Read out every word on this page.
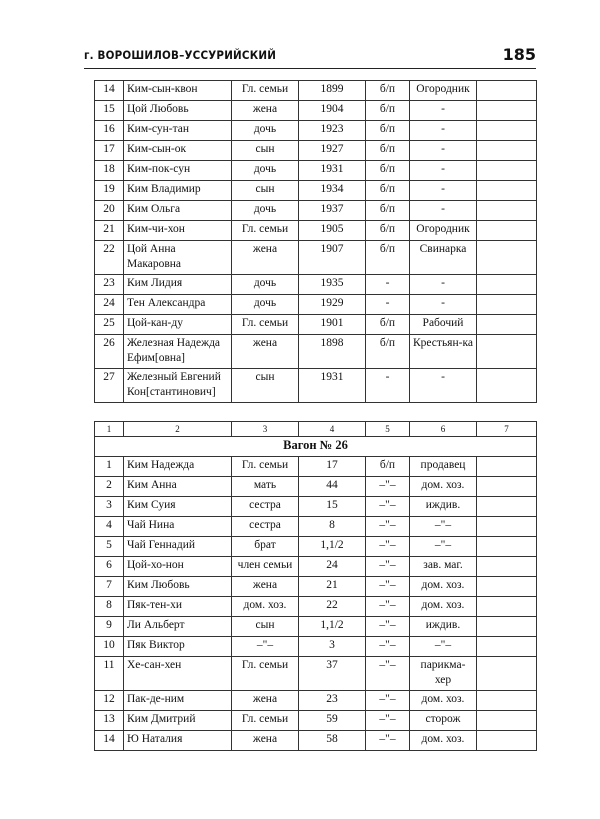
г. ВОРОШИЛОВ–УССУРИЙСКИЙ	185
14	Ким-сын-квон	Гл. семьи	1899	б/п	Огородник	
15	Цой Любовь	жена	1904	б/п	-	
16	Ким-сун-тан	дочь	1923	б/п	-	
17	Ким-сын-ок	сын	1927	б/п	-	
18	Ким-пок-сун	дочь	1931	б/п	-	
19	Ким Владимир	сын	1934	б/п	-	
20	Ким Ольга	дочь	1937	б/п	-	
21	Ким-чи-хон	Гл. семьи	1905	б/п	Огородник	
22	Цой Анна Макаровна	жена	1907	б/п	Свинарка	
23	Ким Лидия	дочь	1935	-	-	
24	Тен Александра	дочь	1929	-	-	
25	Цой-кан-ду	Гл. семьи	1901	б/п	Рабочий	
26	Железная Надежда Ефим[овна]	жена	1898	б/п	Крестьян-ка	
27	Железный Евгений Кон[стантинович]	сын	1931	-	-	
1	2	3	4	5	6	7
Вагон № 26						
1	Ким Надежда	Гл. семьи	17	б/п	продавец	
2	Ким Анна	мать	44	–"–	дом. хоз.	
3	Ким Суия	сестра	15	–"–	иждив.	
4	Чай Нина	сестра	8	–"–	–"–	
5	Чай Геннадий	брат	1,1/2	–"–	–"–	
6	Цой-хо-нон	член семьи	24	–"–	зав. маг.	
7	Ким Любовь	жена	21	–"–	дом. хоз.	
8	Пяк-тен-хи	дом. хоз.	22	–"–	дом. хоз.	
9	Ли Альберт	сын	1,1/2	–"–	иждив.	
10	Пяк Виктор	–"–	3	–"–	–"–	
11	Хе-сан-хен	Гл. семьи	37	–"–	парикма-хер	
12	Пак-де-ним	жена	23	–"–	дом. хоз.	
13	Ким Дмитрий	Гл. семьи	59	–"–	сторож	
14	Ю Наталия	жена	58	–"–	дом. хоз.	
